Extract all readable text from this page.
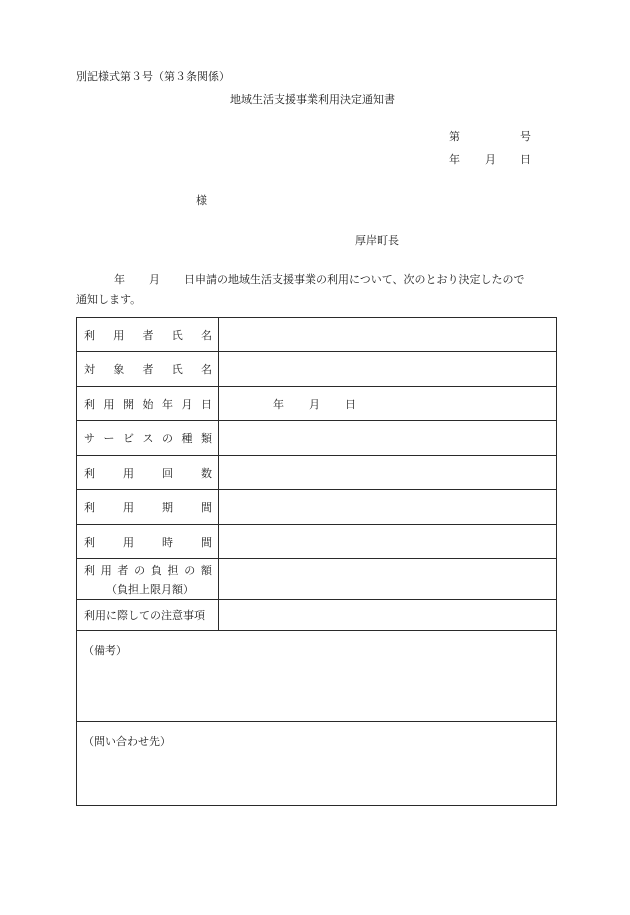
別記様式第３号（第３条関係）
地域生活支援事業利用決定通知書
第	号
年 月 日
様
厚岸町長
年 月 日申請の地域生活支援事業の利用について、次のとおり決定したので
通知します。
利 用 者 氏 名
対 象 者 氏 名
利 用 開 始 年 月 日	年 月 日
サ ー ビ ス の 種 類
利	用	回	数
利	用	期	間
利	用	時	間
利 用 者 の 負 担 の 額
（負担上限月額）
利用に際しての注意事項
（備考）
（問い合わせ先）
